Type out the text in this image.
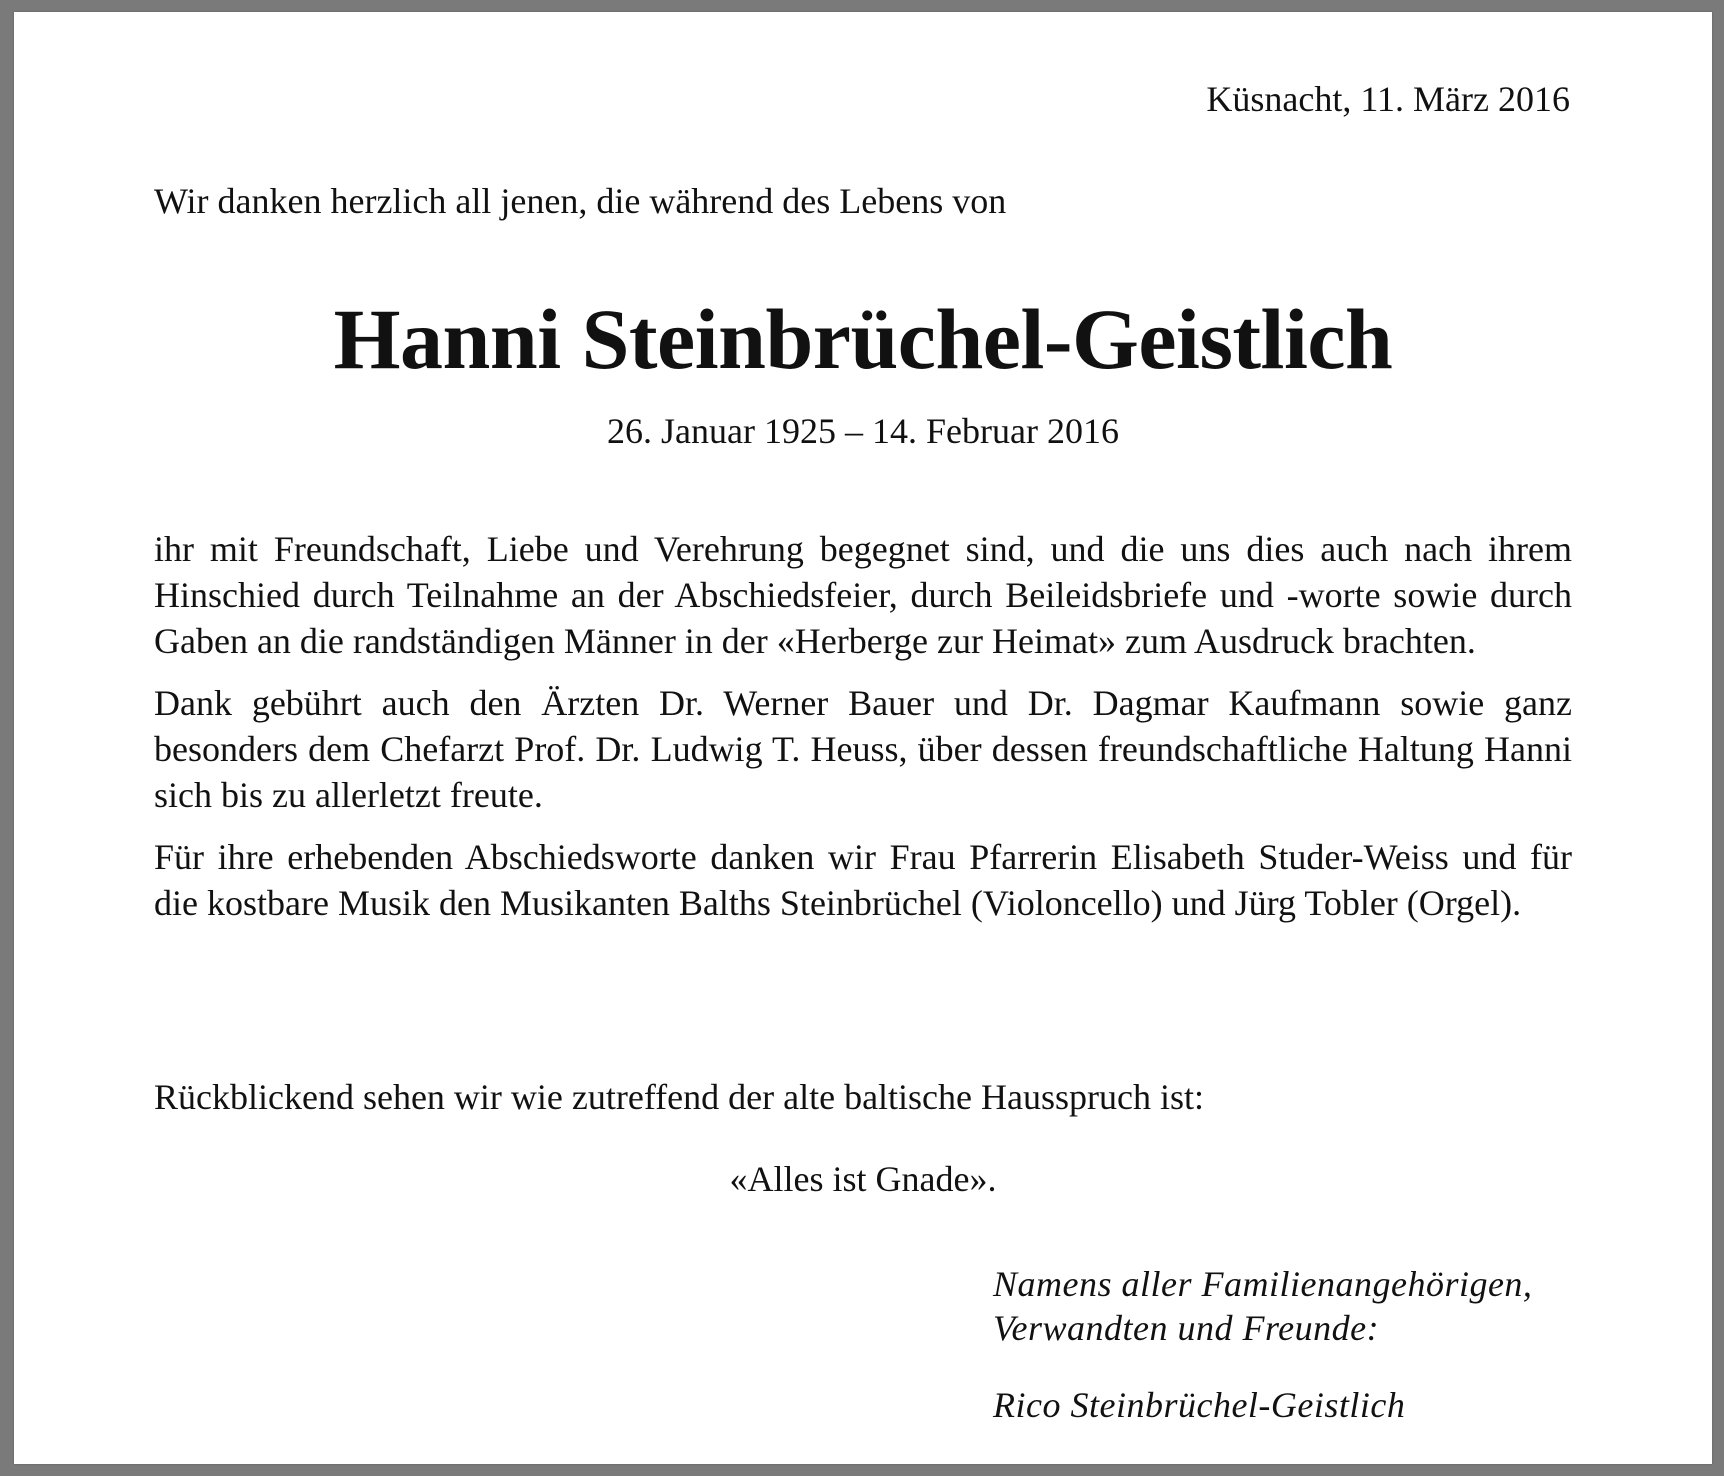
Küsnacht, 11. März 2016
Wir danken herzlich all jenen, die während des Lebens von
Hanni Steinbrüchel-Geistlich
26. Januar 1925 – 14. Februar 2016

ihr mit Freundschaft, Liebe und Verehrung begegnet sind, und die uns dies auch nach ihrem Hinschied durch Teilnahme an der Abschiedsfeier, durch Beileidsbriefe und -worte sowie durch Gaben an die randständigen Männer in der «Herberge zur Heimat» zum Ausdruck brachten.

Dank gebührt auch den Ärzten Dr. Werner Bauer und Dr. Dagmar Kaufmann sowie ganz besonders dem Chefarzt Prof. Dr. Ludwig T. Heuss, über dessen freundschaftliche Haltung Hanni sich bis zu allerletzt freute.

Für ihre erhebenden Abschiedsworte danken wir Frau Pfarrerin Elisabeth Studer-Weiss und für die kostbare Musik den Musikanten Balths Steinbrüchel (Violoncello) und Jürg Tobler (Orgel).

Rückblickend sehen wir wie zutreffend der alte baltische Hausspruch ist:
«Alles ist Gnade».
Namens aller Familienangehörigen,
Verwandten und Freunde:
Rico Steinbrüchel-Geistlich
